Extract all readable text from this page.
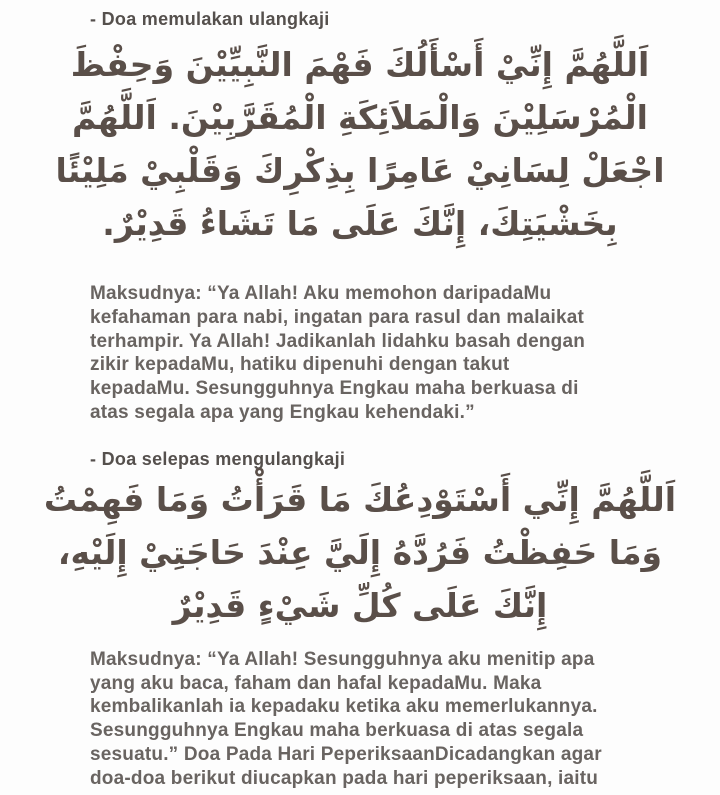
- Doa memulakan ulangkaji
اَللَّهُمَّ إِنِّيْ أَسْأَلُكَ فَهْمَ النَّبِيِّيْنَ وَحِفْظَ
الْمُرْسَلِيْنَ وَالْمَلاَئِكَةِ الْمُقَرَّبِيْنَ. اَللَّهُمَّ
اجْعَلْ لِسَانِيْ عَامِرًا بِذِكْرِكَ وَقَلْبِيْ مَلِيْئًا
بِخَشْيَتِكَ، إِنَّكَ عَلَى مَا تَشَاءُ قَدِيْرٌ.
Maksudnya: “Ya Allah! Aku memohon daripadaMu
kefahaman para nabi, ingatan para rasul dan malaikat
terhampir. Ya Allah! Jadikanlah lidahku basah dengan
zikir kepadaMu, hatiku dipenuhi dengan takut
kepadaMu. Sesungguhnya Engkau maha berkuasa di
atas segala apa yang Engkau kehendaki.”
- Doa selepas mengulangkaji
اَللَّهُمَّ إِنِّي أَسْتَوْدِعُكَ مَا قَرَأْتُ وَمَا فَهِمْتُ
وَمَا حَفِظْتُ فَرُدَّهُ إِلَيَّ عِنْدَ حَاجَتِيْ إِلَيْهِ،
إِنَّكَ عَلَى كُلِّ شَيْءٍ قَدِيْرٌ
Maksudnya: “Ya Allah! Sesungguhnya aku menitip apa
yang aku baca, faham dan hafal kepadaMu. Maka
kembalikanlah ia kepadaku ketika aku memerlukannya.
Sesungguhnya Engkau maha berkuasa di atas segala
sesuatu.” Doa Pada Hari PeperiksaanDicadangkan agar
doa-doa berikut diucapkan pada hari peperiksaan, iaitu
